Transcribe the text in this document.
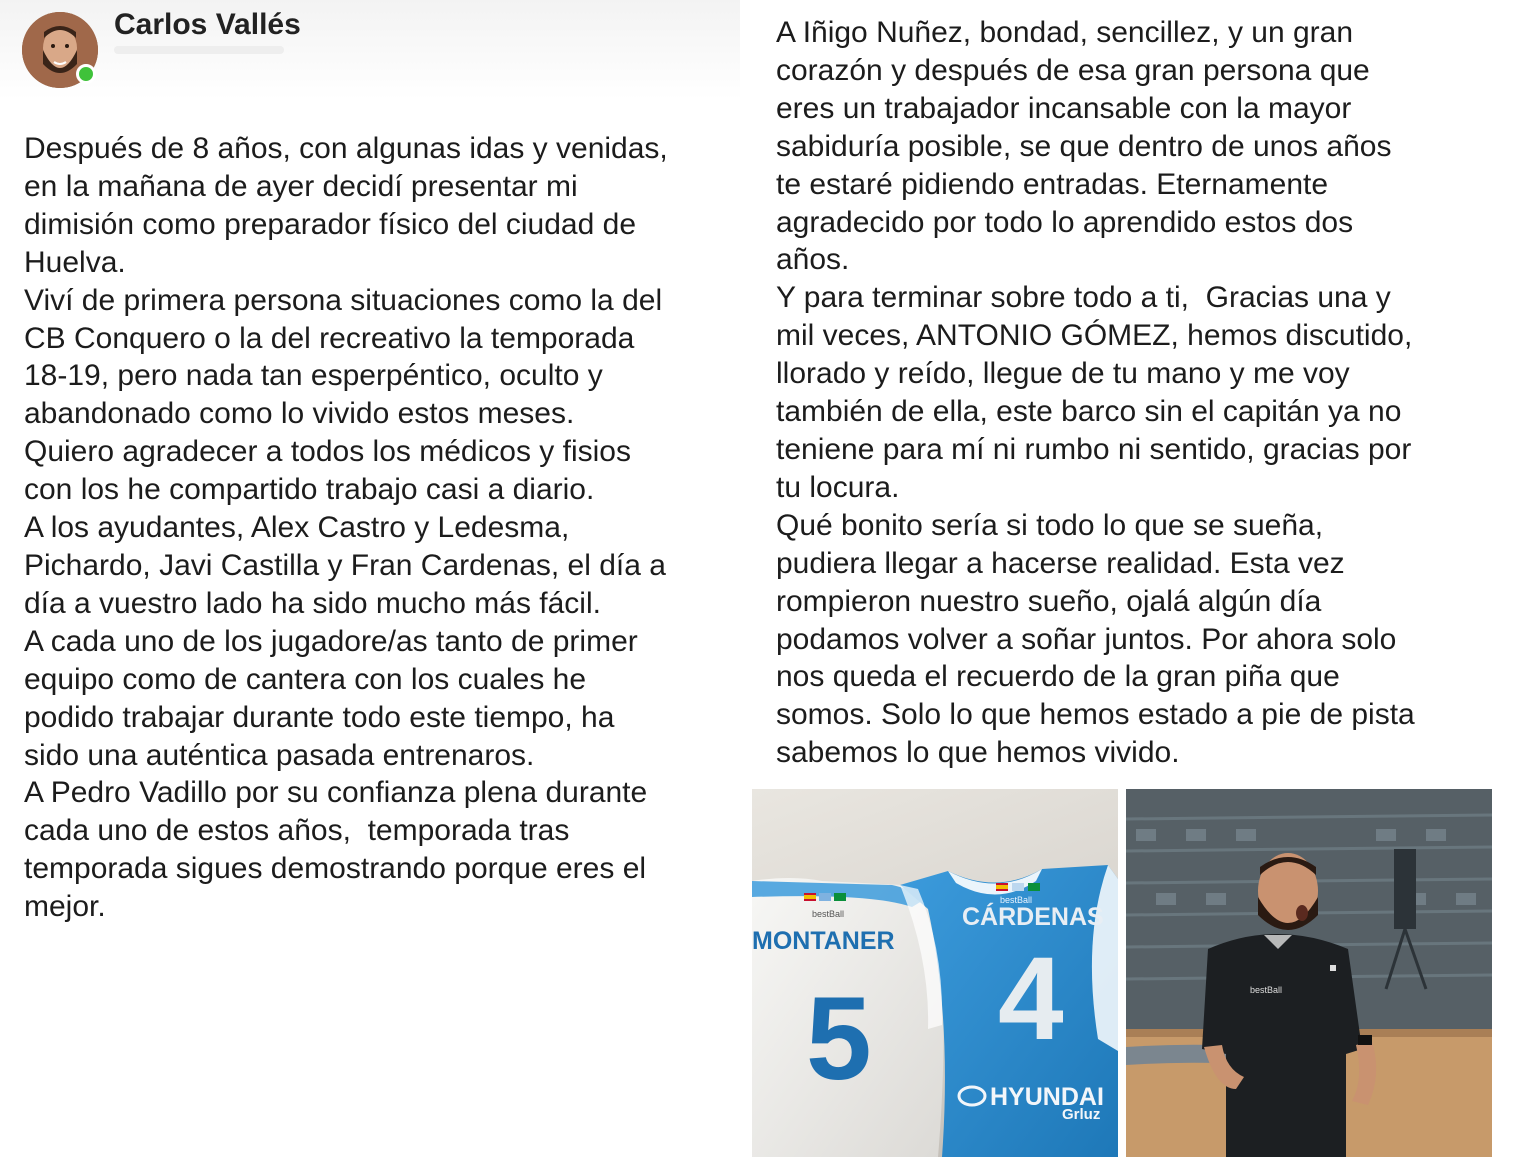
Carlos Vallés

Después de 8 años, con algunas idas y venidas,
en la mañana de ayer decidí presentar mi
dimisión como preparador físico del ciudad de
Huelva.

Viví de primera persona situaciones como la del
CB Conquero o la del recreativo la temporada
18-19, pero nada tan esperpéntico, oculto y
abandonado como lo vivido estos meses.

Quiero agradecer a todos los médicos y fisios
con los he compartido trabajo casi a diario.

A los ayudantes, Alex Castro y Ledesma,
Pichardo, Javi Castilla y Fran Cardenas, el día a
día a vuestro lado ha sido mucho más fácil.

A cada uno de los jugadore/as tanto de primer
equipo como de cantera con los cuales he
podido trabajar durante todo este tiempo, ha
sido una auténtica pasada entrenaros.

A Pedro Vadillo por su confianza plena durante
cada uno de estos años,  temporada tras
temporada sigues demostrando porque eres el
mejor.

A Iñigo Nuñez, bondad, sencillez, y un gran
corazón y después de esa gran persona que
eres un trabajador incansable con la mayor
sabiduría posible, se que dentro de unos años
te estaré pidiendo entradas. Eternamente
agradecido por todo lo aprendido estos dos
años.

Y para terminar sobre todo a ti,  Gracias una y
mil veces, ANTONIO GÓMEZ, hemos discutido,
llorado y reído, llegue de tu mano y me voy
también de ella, este barco sin el capitán ya no
teniene para mí ni rumbo ni sentido, gracias por
tu locura.

Qué bonito sería si todo lo que se sueña,
pudiera llegar a hacerse realidad. Esta vez
rompieron nuestro sueño, ojalá algún día
podamos volver a soñar juntos. Por ahora solo
nos queda el recuerdo de la gran piña que
somos. Solo lo que hemos estado a pie de pista
sabemos lo que hemos vivido.

bestBall
bestBall
MONTANER
CÁRDENAS
5 4
HYUNDAI
Grluz
bestBall
